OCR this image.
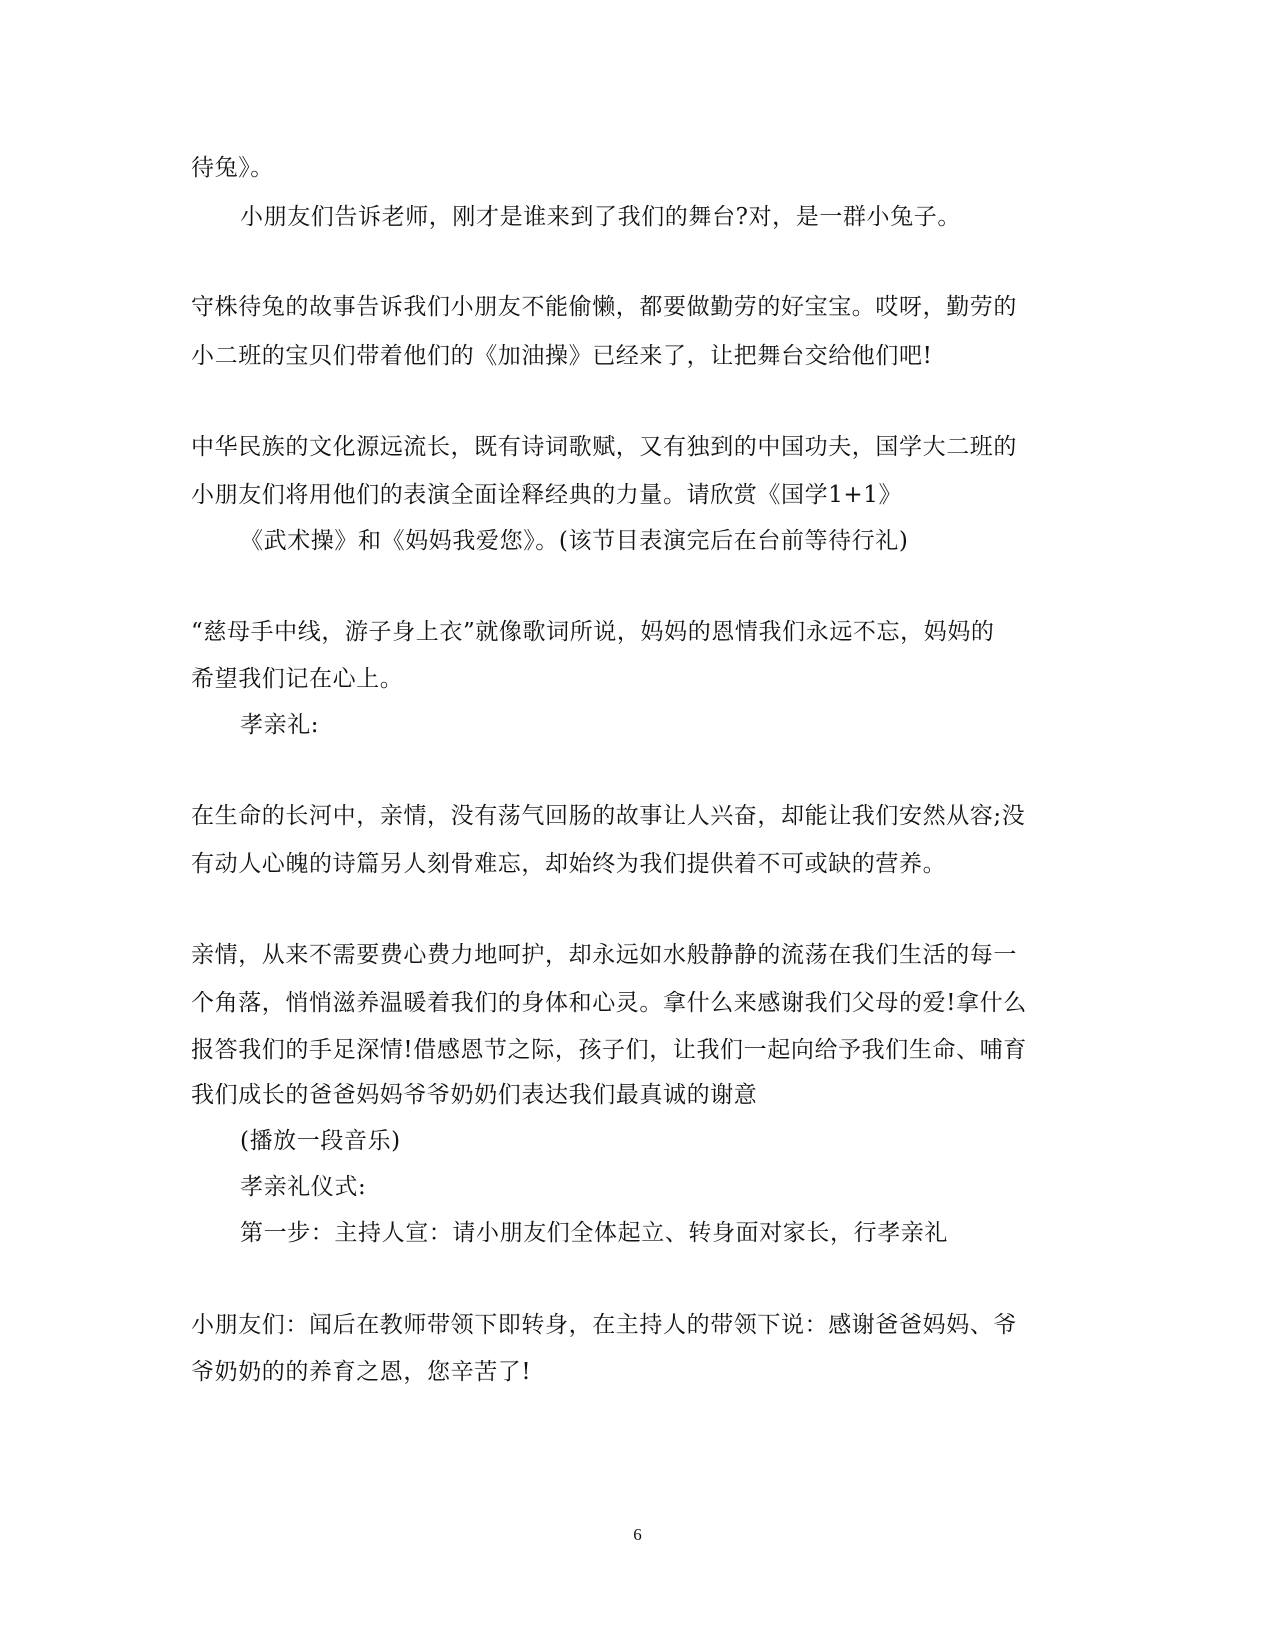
待兔》。
小朋友们告诉老师，刚才是谁来到了我们的舞台?对，是一群小兔子。
守株待兔的故事告诉我们小朋友不能偷懒，都要做勤劳的好宝宝。哎呀，勤劳的
小二班的宝贝们带着他们的《加油操》已经来了，让把舞台交给他们吧!
中华民族的文化源远流长，既有诗词歌赋，又有独到的中国功夫，国学大二班的
小朋友们将用他们的表演全面诠释经典的力量。请欣赏《国学1+1》
《武术操》和《妈妈我爱您》。(该节目表演完后在台前等待行礼)
“慈母手中线，游子身上衣”就像歌词所说，妈妈的恩情我们永远不忘，妈妈的
希望我们记在心上。
孝亲礼:
在生命的长河中，亲情，没有荡气回肠的故事让人兴奋，却能让我们安然从容;没
有动人心魄的诗篇另人刻骨难忘，却始终为我们提供着不可或缺的营养。
亲情，从来不需要费心费力地呵护，却永远如水般静静的流荡在我们生活的每一
个角落，悄悄滋养温暖着我们的身体和心灵。拿什么来感谢我们父母的爱!拿什么
报答我们的手足深情!借感恩节之际，孩子们，让我们一起向给予我们生命、哺育
我们成长的爸爸妈妈爷爷奶奶们表达我们最真诚的谢意
(播放一段音乐)
孝亲礼仪式:
第一步：主持人宣：请小朋友们全体起立、转身面对家长，行孝亲礼
小朋友们：闻后在教师带领下即转身，在主持人的带领下说：感谢爸爸妈妈、爷
爷奶奶的的养育之恩，您辛苦了!
6
